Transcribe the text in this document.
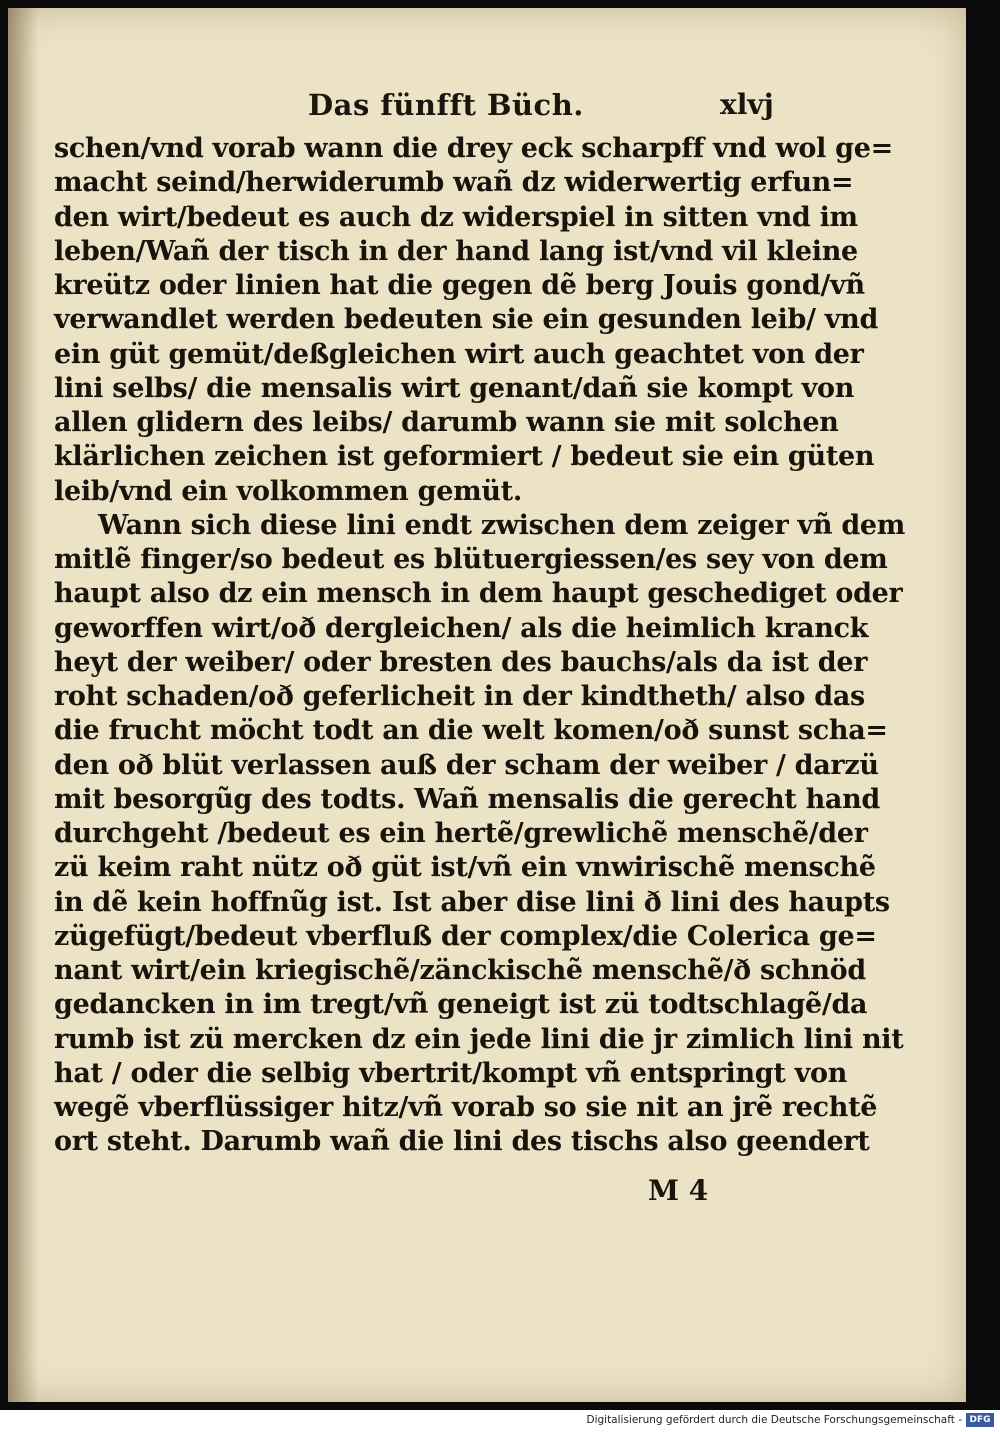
Das fünfft Büch.	xlvj
schen/vnd vorab wann die drey eck scharpff vnd wol ge=
macht seind/herwiderumb wañ dz widerwertig erfun=
den wirt/bedeut es auch dz widerspiel in sitten vnd im
leben/Wañ der tisch in der hand lang ist/vnd vil kleine
kreütz oder linien hat die gegen dẽ berg Jouis gond/vñ
verwandlet werden bedeuten sie ein gesunden leib/ vnd
ein güt gemüt/deßgleichen wirt auch geachtet von der
lini selbs/ die mensalis wirt genant/dañ sie kompt von
allen glidern des leibs/ darumb wann sie mit solchen
klärlichen zeichen ist geformiert / bedeut sie ein güten
leib/vnd ein volkommen gemüt.
Wann sich diese lini endt zwischen dem zeiger vñ dem
mitlẽ finger/so bedeut es blütuergiessen/es sey von dem
haupt also dz ein mensch in dem haupt geschediget oder
geworffen wirt/oð dergleichen/ als die heimlich kranck
heyt der weiber/ oder bresten des bauchs/als da ist der
roht schaden/oð geferlicheit in der kindtheth/ also das
die frucht möcht todt an die welt komen/oð sunst scha=
den oð blüt verlassen auß der scham der weiber / darzü
mit besorgũg des todts. Wañ mensalis die gerecht hand
durchgeht /bedeut es ein hertẽ/grewlichẽ menschẽ/der
zü keim raht nütz oð güt ist/vñ ein vnwirischẽ menschẽ
in dẽ kein hoffnũg ist. Ist aber dise lini ð lini des haupts
zügefügt/bedeut vberfluß der complex/die Colerica ge=
nant wirt/ein kriegischẽ/zänckischẽ menschẽ/ð schnöd
gedancken in im tregt/vñ geneigt ist zü todtschlagẽ/da
rumb ist zü mercken dz ein jede lini die jr zimlich lini nit
hat / oder die selbig vbertrit/kompt vñ entspringt von
wegẽ vberflüssiger hitz/vñ vorab so sie nit an jrẽ rechtẽ
ort steht. Darumb wañ die lini des tischs also geendert
M 4
Digitalisierung gefördert durch die Deutsche Forschungsgemeinschaft - DFG
